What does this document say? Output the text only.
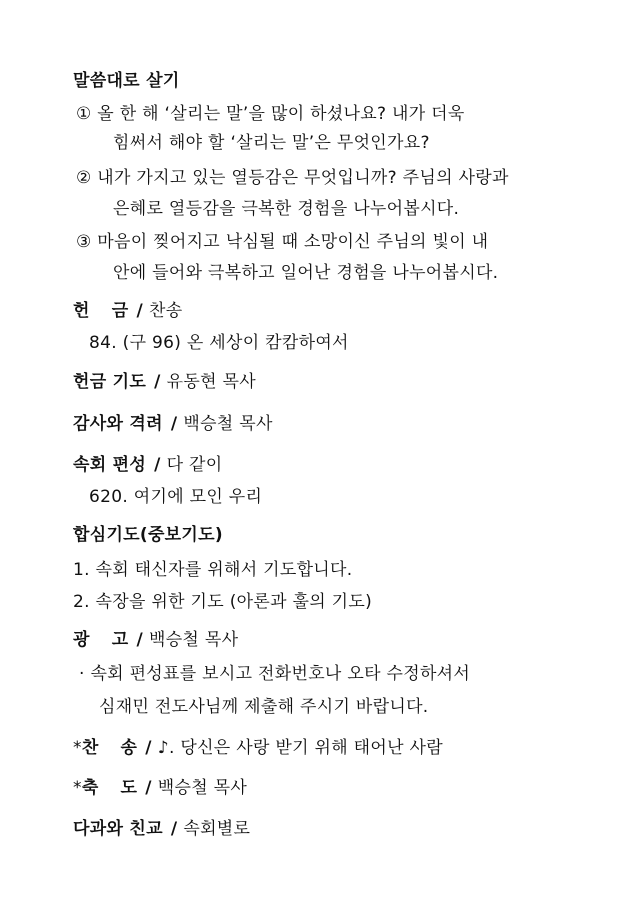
말씀대로 살기
① 올 한 해 ‘살리는 말’을 많이 하셨나요? 내가 더욱
힘써서 해야 할 ‘살리는 말’은 무엇인가요?
② 내가 가지고 있는 열등감은 무엇입니까? 주님의 사랑과
은혜로 열등감을 극복한 경험을 나누어봅시다.
③ 마음이 찢어지고 낙심될 때 소망이신 주님의 빛이 내
안에 들어와 극복하고 일어난 경험을 나누어봅시다.
헌 금 / 찬송
84. (구 96) 온 세상이 캄캄하여서
헌금 기도 / 유동현 목사
감사와 격려 / 백승철 목사
속회 편성 / 다 같이
620. 여기에 모인 우리
합심기도(중보기도)
1. 속회 태신자를 위해서 기도합니다.
2. 속장을 위한 기도 (아론과 훌의 기도)
광 고 / 백승철 목사
· 속회 편성표를 보시고 전화번호나 오타 수정하셔서
심재민 전도사님께 제출해 주시기 바랍니다.
*찬 송 / ♪. 당신은 사랑 받기 위해 태어난 사람
*축 도 / 백승철 목사
다과와 친교 / 속회별로
